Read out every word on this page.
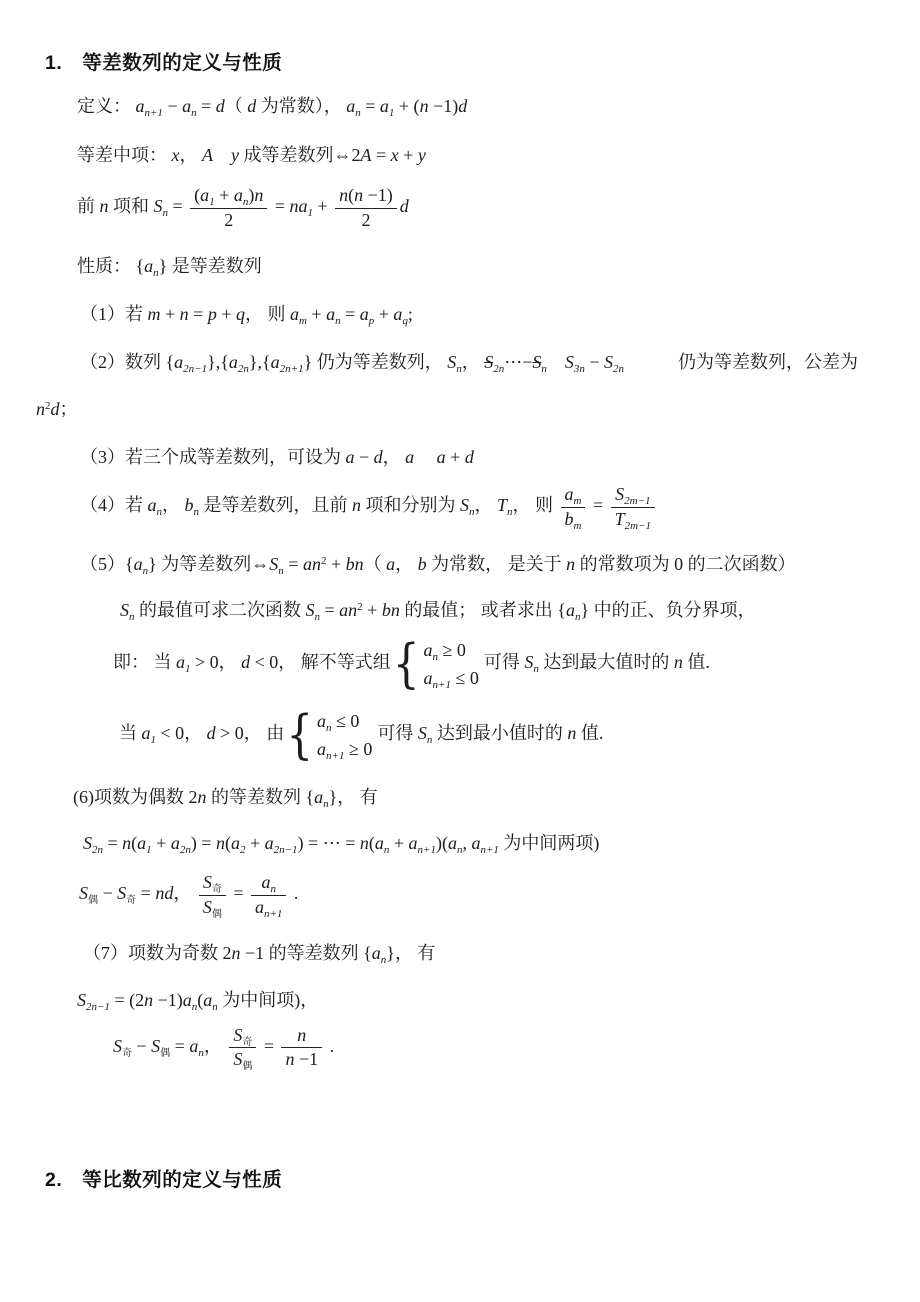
1.　等差数列的定义与性质
定义： $a_{n+1} - a_n = d$（ d 为常数）， $a_n = a_1 + (n -1)d$
等差中项： x， A　 y 成等差数列⇔2A = x + y
前 n 项和 $S_n = \frac{(a_1 + a_n)n}{2} = na_1 + \frac{n(n -1)}{2}$ d
性质： $\{a_n\}$ 是等差数列
（1）若 m + n = p + q， 则 $a_m + a_n = a_p + a_q$;
（2）数列 $\{a_{2n-1}\},\{a_{2n}\},\{a_{2n+1}\}$ 仍为等差数列， $S_n$， $S_{2n}\cdots-S_n$　 $S_{3n} - S_{2n}$　　　仍为等差数列，公差为
$n^2d$；
（3）若三个成等差数列，可设为 a − d， a　 a + d
（4）若 $a_n$， $b_n$ 是等差数列，且前 n 项和分别为 $S_n$， $T_n$， 则 $\frac{a_m}{b_m} = \frac{S_{2m-1}}{T_{2m-1}}$
$(5)\{a_n\}$ 为等差数列$\Leftrightarrow S_n = an^2 + bn$（ a， b 为常数， 是关于 n 的常数项为 0 的二次函数）
$S_n$ 的最值可求二次函数 $S_n = an^2$ + bn 的最值； 或者求出 $\{a_n\}$ 中的正、负分界项，
即： 当 $a_1 > 0$， d < 0， 解不等式组 { $a_n \ge 0$
$a_{n+1} \le 0$
可得 $S_n$ 达到最大值时的 n 值.
当 $a_1 < 0$， d > 0， 由 { $a_n \le 0$
$a_{n+1} \ge 0$
可得 $S_n$ 达到最小值时的 n 值.
(6)项数为偶数 2n 的等差数列 $\{a_n\}$， 有
$S_{2n} = n(a_1 + a_{2n}) = n(a_2 + a_{2n-1})$ = ⋯ = $n(a_n + a_{n+1})(a_n$, $a_{n+1}$ 为中间两项)
$S_偶 - S_奇$ = nd， $\frac{S_奇}{S_偶} = \frac{a_n}{a_{n+1}}$ .
（7）项数为奇数 2n −1 的等差数列 $\{a_n\}$， 有
$S_{2n-1} = (2n -1)a_n(a_n$ 为中间项)，
$S_奇 - S_偶 = a_n$， $\frac{S_奇}{S_偶} = \frac{n}{n -1}$ .
2.　等比数列的定义与性质
